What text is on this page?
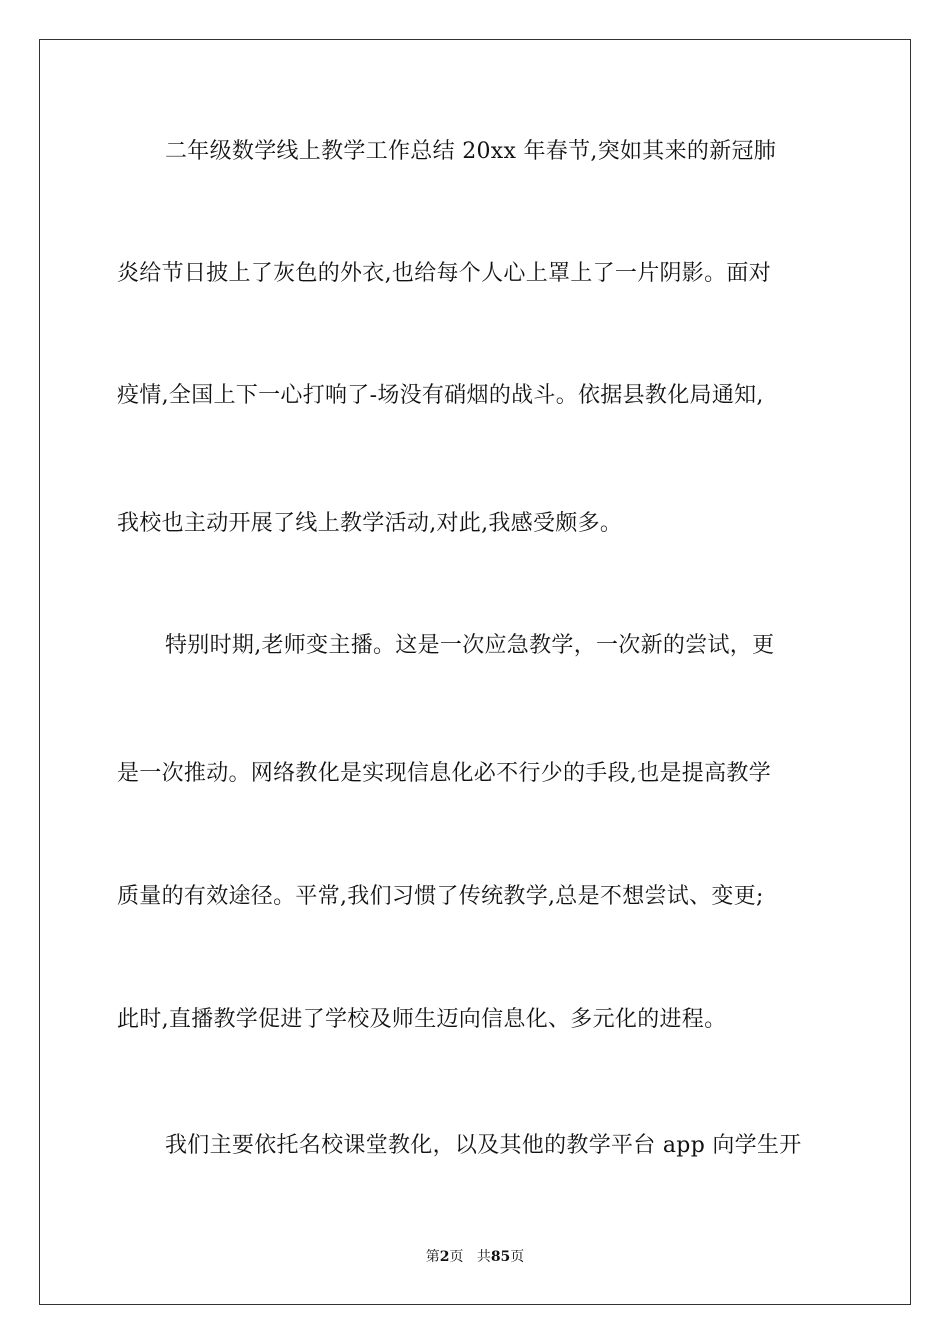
二年级数学线上教学工作总结 20xx 年春节,突如其来的新冠肺

炎给节日披上了灰色的外衣,也给每个人心上罩上了一片阴影。面对

疫情,全国上下一心打响了-场没有硝烟的战斗。依据县教化局通知,

我校也主动开展了线上教学活动,对此,我感受颇多。

特别时期,老师变主播。这是一次应急教学，一次新的尝试，更

是一次推动。网络教化是实现信息化必不行少的手段,也是提高教学

质量的有效途径。平常,我们习惯了传统教学,总是不想尝试、变更;

此时,直播教学促进了学校及师生迈向信息化、多元化的进程。

我们主要依托名校课堂教化，以及其他的教学平台 app 向学生开

第2页 共85页
